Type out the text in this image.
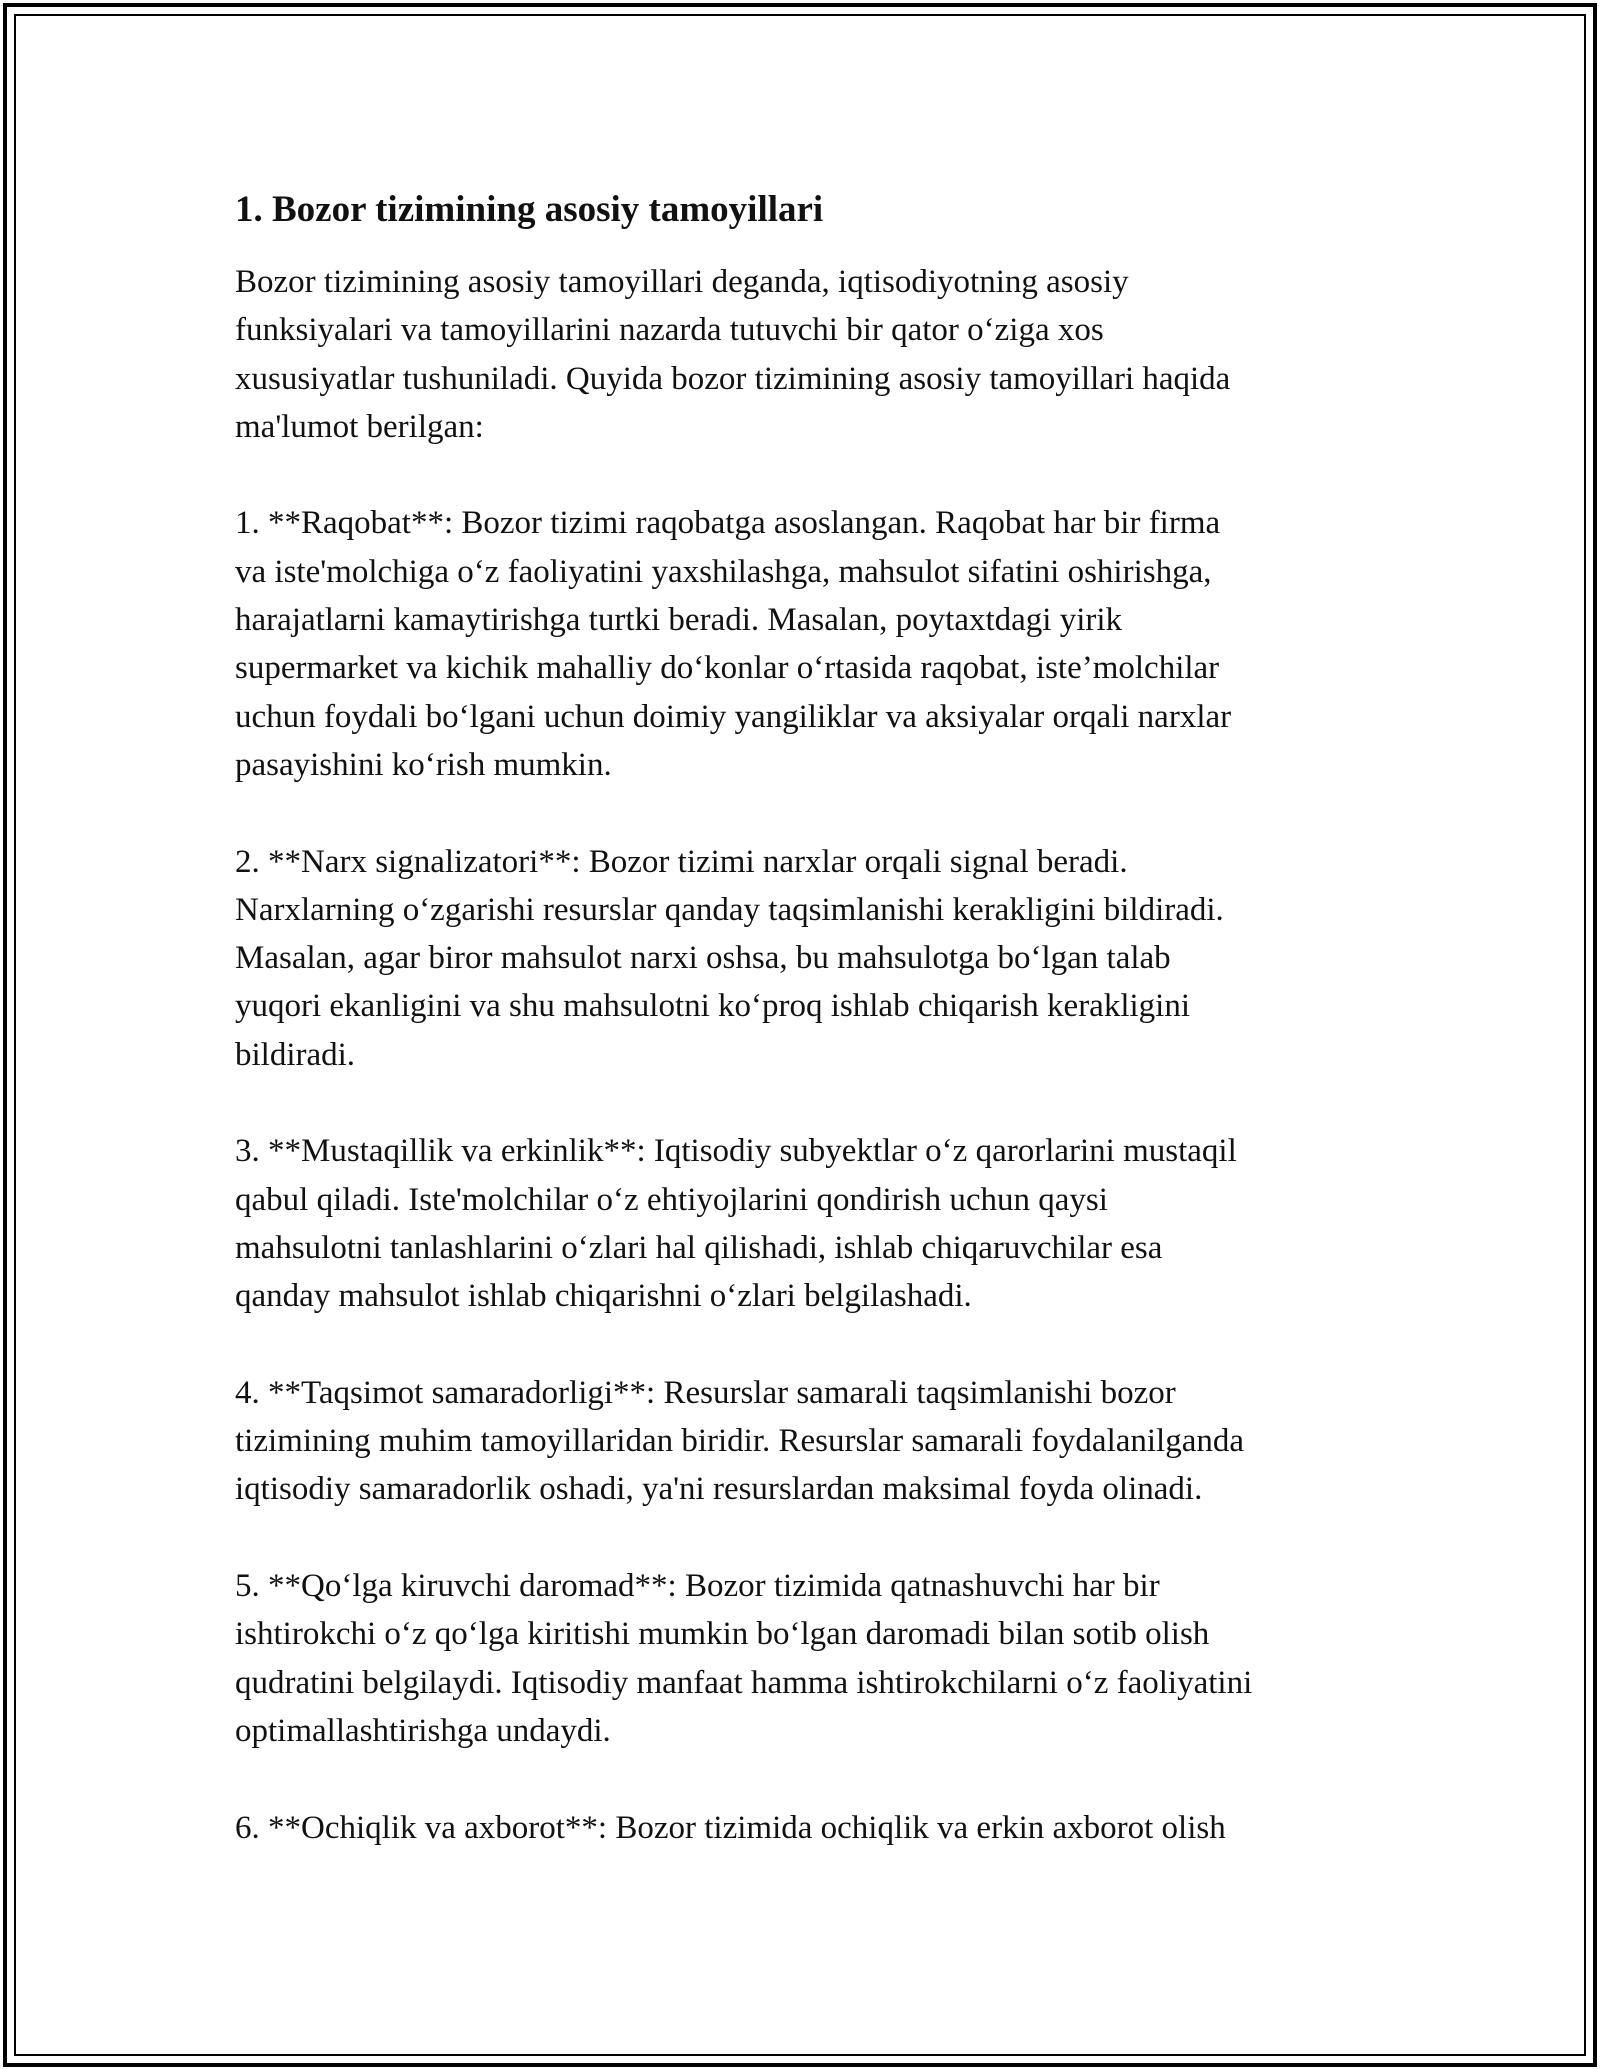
1. Bozor tizimining asosiy tamoyillari
Bozor tizimining asosiy tamoyillari deganda, iqtisodiyotning asosiy
funksiyalari va tamoyillarini nazarda tutuvchi bir qator o‘ziga xos
xususiyatlar tushuniladi. Quyida bozor tizimining asosiy tamoyillari haqida
ma'lumot berilgan:
1. **Raqobat**: Bozor tizimi raqobatga asoslangan. Raqobat har bir firma
va iste'molchiga o‘z faoliyatini yaxshilashga, mahsulot sifatini oshirishga,
harajatlarni kamaytirishga turtki beradi. Masalan, poytaxtdagi yirik
supermarket va kichik mahalliy do‘konlar o‘rtasida raqobat, iste’molchilar
uchun foydali bo‘lgani uchun doimiy yangiliklar va aksiyalar orqali narxlar
pasayishini ko‘rish mumkin.
2. **Narx signalizatori**: Bozor tizimi narxlar orqali signal beradi.
Narxlarning o‘zgarishi resurslar qanday taqsimlanishi kerakligini bildiradi.
Masalan, agar biror mahsulot narxi oshsa, bu mahsulotga bo‘lgan talab
yuqori ekanligini va shu mahsulotni ko‘proq ishlab chiqarish kerakligini
bildiradi.
3. **Mustaqillik va erkinlik**: Iqtisodiy subyektlar o‘z qarorlarini mustaqil
qabul qiladi. Iste'molchilar o‘z ehtiyojlarini qondirish uchun qaysi
mahsulotni tanlashlarini o‘zlari hal qilishadi, ishlab chiqaruvchilar esa
qanday mahsulot ishlab chiqarishni o‘zlari belgilashadi.
4. **Taqsimot samaradorligi**: Resurslar samarali taqsimlanishi bozor
tizimining muhim tamoyillaridan biridir. Resurslar samarali foydalanilganda
iqtisodiy samaradorlik oshadi, ya'ni resurslardan maksimal foyda olinadi.
5. **Qo‘lga kiruvchi daromad**: Bozor tizimida qatnashuvchi har bir
ishtirokchi o‘z qo‘lga kiritishi mumkin bo‘lgan daromadi bilan sotib olish
qudratini belgilaydi. Iqtisodiy manfaat hamma ishtirokchilarni o‘z faoliyatini
optimallashtirishga undaydi.
6. **Ochiqlik va axborot**: Bozor tizimida ochiqlik va erkin axborot olish
